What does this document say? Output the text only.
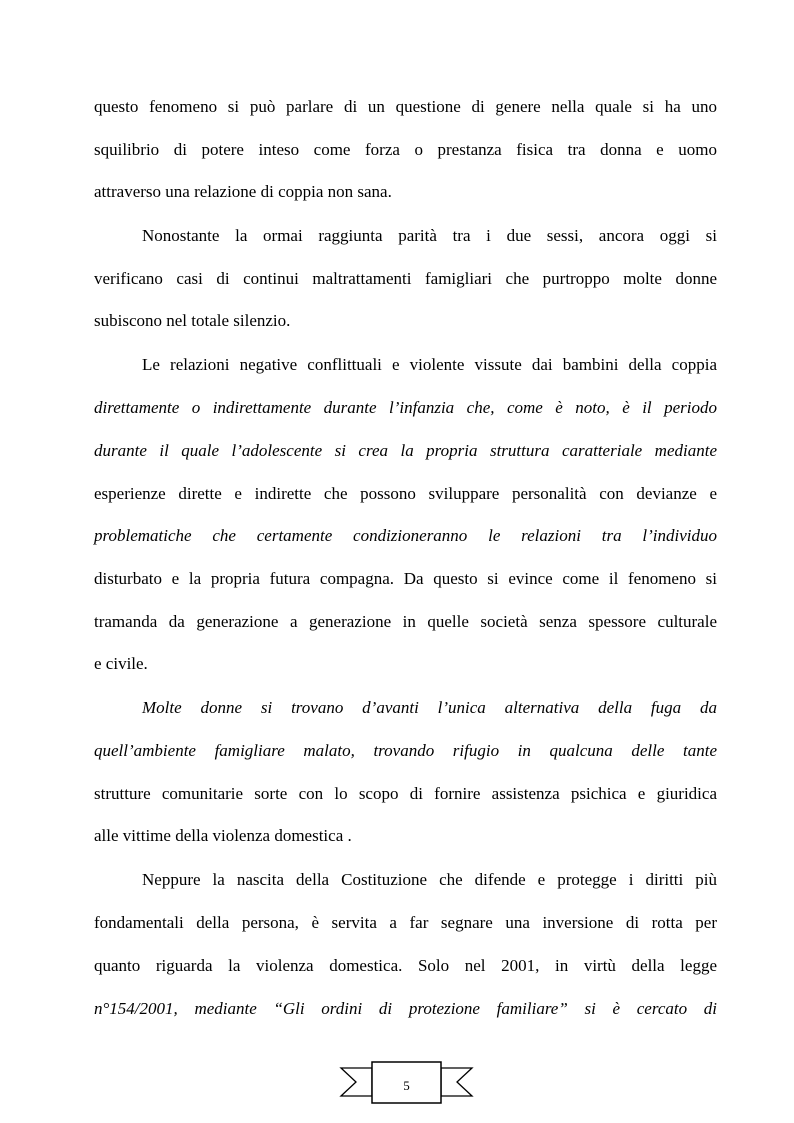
questo fenomeno si può parlare di un questione di genere nella quale si ha uno
squilibrio di potere inteso come forza o prestanza fisica tra donna e uomo
attraverso una relazione di coppia non sana.
Nonostante la ormai raggiunta parità tra i due sessi, ancora oggi si
verificano casi di continui maltrattamenti famigliari che purtroppo molte donne
subiscono nel totale silenzio.
Le relazioni negative conflittuali e violente vissute dai bambini della coppia
direttamente o indirettamente durante l’infanzia che, come è noto, è il periodo
durante il quale l’adolescente si crea la propria struttura caratteriale mediante
esperienze dirette e indirette che possono sviluppare personalità con devianze e
problematiche che certamente condizioneranno le relazioni tra l’individuo
disturbato e la propria futura compagna. Da questo si evince come il fenomeno si
tramanda da generazione a generazione in quelle società senza spessore culturale
e civile.
Molte donne si trovano d’avanti l’unica alternativa della fuga da
quell’ambiente famigliare malato, trovando rifugio in qualcuna delle tante
strutture comunitarie sorte con lo scopo di fornire assistenza psichica e giuridica
alle vittime della violenza domestica .
Neppure la nascita della Costituzione che difende e protegge i diritti più
fondamentali della persona, è servita a far segnare una inversione di rotta per
quanto riguarda la violenza domestica. Solo nel 2001, in virtù della legge
n°154/2001, mediante “Gli ordini di protezione familiare” si è cercato di
5
